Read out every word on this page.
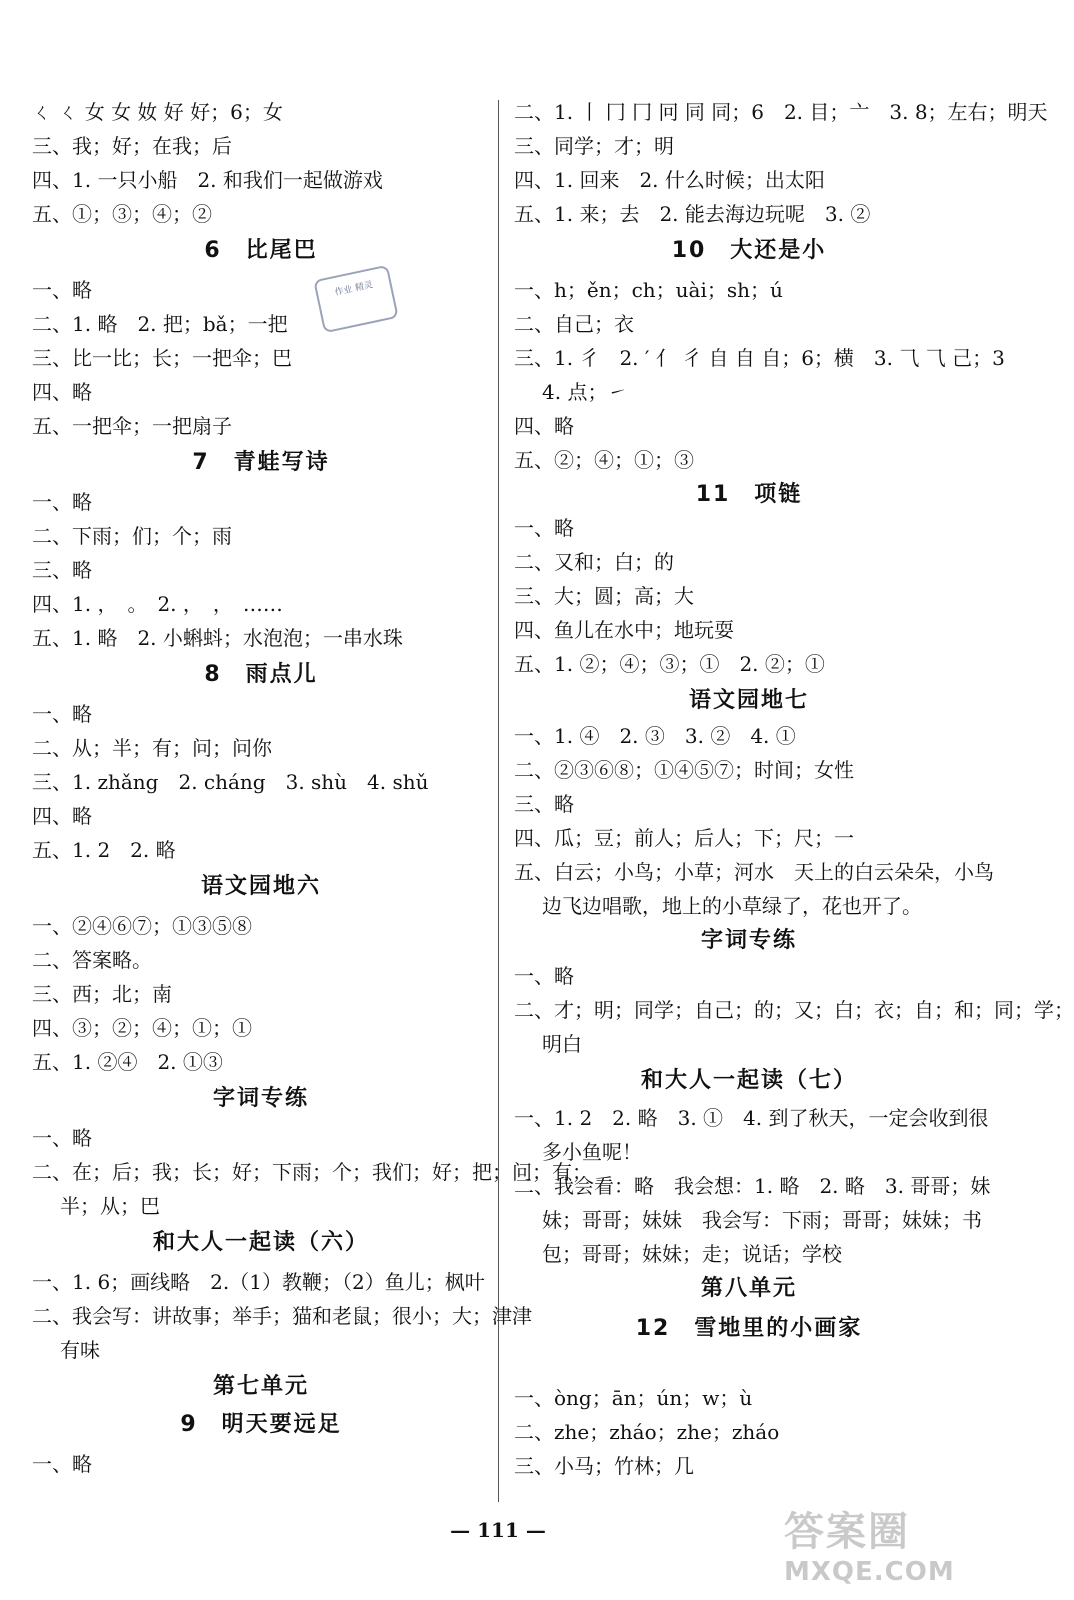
ㄑ ㄑ 女 女 奻 好 好；6；女
三、我；好；在我；后
四、1. 一只小船　2. 和我们一起做游戏
五、①；③；④；②
6　比尾巴
一、略
二、1. 略　2. 把；bǎ；一把
三、比一比；长；一把伞；巴
四、略
五、一把伞；一把扇子
7　青蛙写诗
一、略
二、下雨；们；个；雨
三、略
四、1. ，　。　2. ，　，　……
五、1. 略　2. 小蝌蚪；水泡泡；一串水珠
8　雨点儿
一、略
二、从；半；有；问；问你
三、1. zhǎng　2. cháng　3. shù　4. shǔ
四、略
五、1. 2　2. 略
语文园地六
一、②④⑥⑦；①③⑤⑧
二、答案略。
三、西；北；南
四、③；②；④；①；①
五、1. ②④　2. ①③
字词专练
一、略
二、在；后；我；长；好；下雨；个；我们；好；把；问；有；
半；从；巴
和大人一起读（六）
一、1. 6；画线略　2.（1）教鞭；（2）鱼儿；枫叶
二、我会写：讲故事；举手；猫和老鼠；很小；大；津津
有味
第七单元
9　明天要远足
一、略
作业 精灵
二、1. 丨 冂 冂 冋 同 同；6　2. 目；亠　3. 8；左右；明天
三、同学；才；明
四、1. 回来　2. 什么时候；出太阳
五、1. 来；去　2. 能去海边玩呢　3. ②
10　大还是小
一、h；ěn；ch；uài；sh；ú
二、自己；衣
三、1. 彳　2. ′ 亻 彳 自 自 自；6；横　3. ⺄ ⺄ 己；3
4. 点；㇀
四、略
五、②；④；①；③
11　项链
一、略
二、又和；白；的
三、大；圆；高；大
四、鱼儿在水中；地玩耍
五、1. ②；④；③；①　2. ②；①
语文园地七
一、1. ④　2. ③　3. ②　4. ①
二、②③⑥⑧；①④⑤⑦；时间；女性
三、略
四、瓜；豆；前人；后人；下；尺；一
五、白云；小鸟；小草；河水　天上的白云朵朵，小鸟
边飞边唱歌，地上的小草绿了，花也开了。
字词专练
一、略
二、才；明；同学；自己；的；又；白；衣；自；和；同；学；
明白
和大人一起读（七）
一、1. 2　2. 略　3. ①　4. 到了秋天，一定会收到很
多小鱼呢！
二、我会看：略　我会想：1. 略　2. 略　3. 哥哥；妹
妹；哥哥；妹妹　我会写：下雨；哥哥；妹妹；书
包；哥哥；妹妹；走；说话；学校
第八单元
12　雪地里的小画家
一、òng；ān；ún；w；ù
二、zhe；zháo；zhe；zháo
三、小马；竹林；几
— 111 —	答案圈
MXQE.COM
